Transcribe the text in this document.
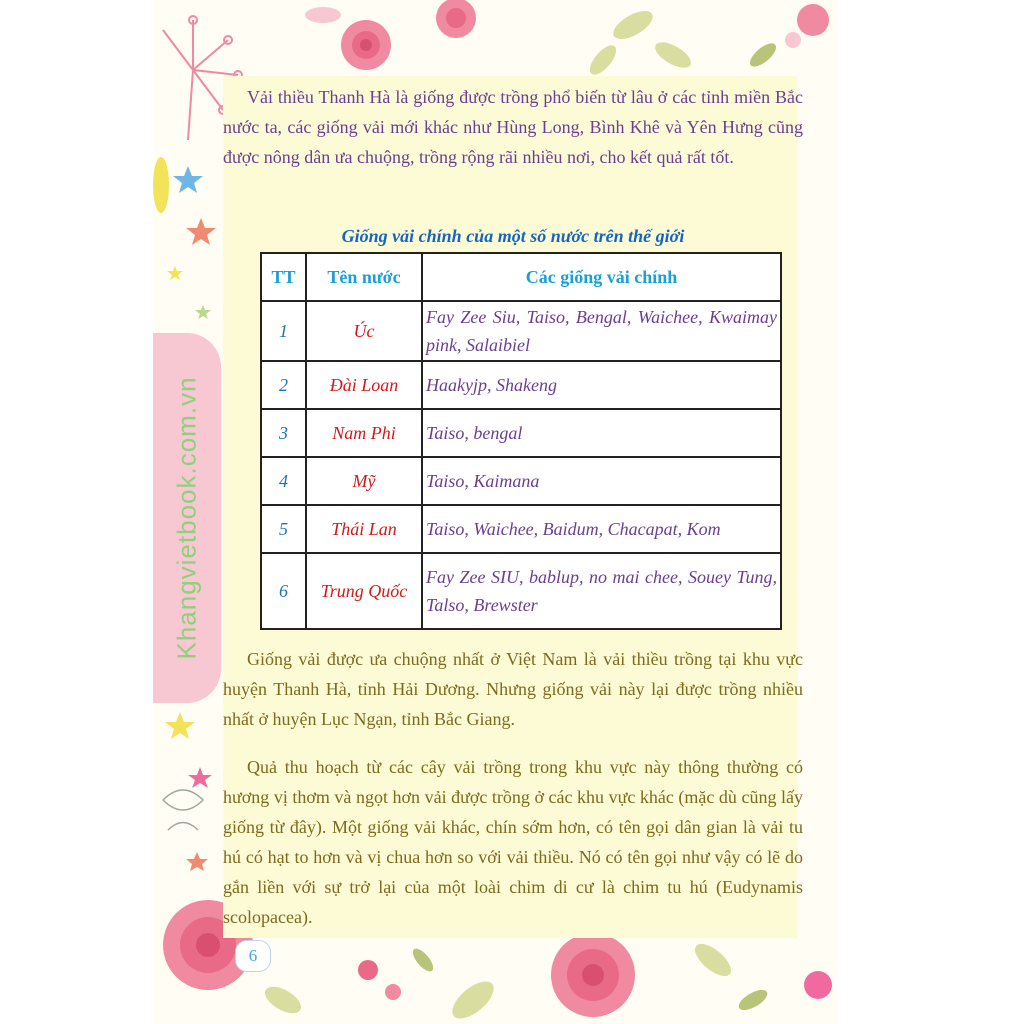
Khangvietbook.com.vn

Vải thiều Thanh Hà là giống được trồng phổ biến từ lâu ở các tỉnh miền Bắc nước ta, các giống vải mới khác như Hùng Long, Bình Khê và Yên Hưng cũng được nông dân ưa chuộng, trồng rộng rãi nhiều nơi, cho kết quả rất tốt.

Giống vải chính của một số nước trên thế giới
TT	Tên nước	Các giống vải chính
1	Úc	Fay Zee Siu, Taiso, Bengal, Waichee, Kwaimay pink, Salaibiel
2	Đài Loan	Haakyjp, Shakeng
3	Nam Phi	Taiso, bengal
4	Mỹ	Taiso, Kaimana
5	Thái Lan	Taiso, Waichee, Baidum, Chacapat, Kom
6	Trung Quốc	Fay Zee SIU, bablup, no mai chee, Souey Tung, Talso, Brewster

Giống vải được ưa chuộng nhất ở Việt Nam là vải thiều trồng tại khu vực huyện Thanh Hà, tỉnh Hải Dương. Nhưng giống vải này lại được trồng nhiều nhất ở huyện Lục Ngạn, tỉnh Bắc Giang.

Quả thu hoạch từ các cây vải trồng trong khu vực này thông thường có hương vị thơm và ngọt hơn vải được trồng ở các khu vực khác (mặc dù cũng lấy giống từ đây). Một giống vải khác, chín sớm hơn, có tên gọi dân gian là vải tu hú có hạt to hơn và vị chua hơn so với vải thiều. Nó có tên gọi như vậy có lẽ do gắn liền với sự trở lại của một loài chim di cư là chim tu hú (Eudynamis scolopacea).

6
